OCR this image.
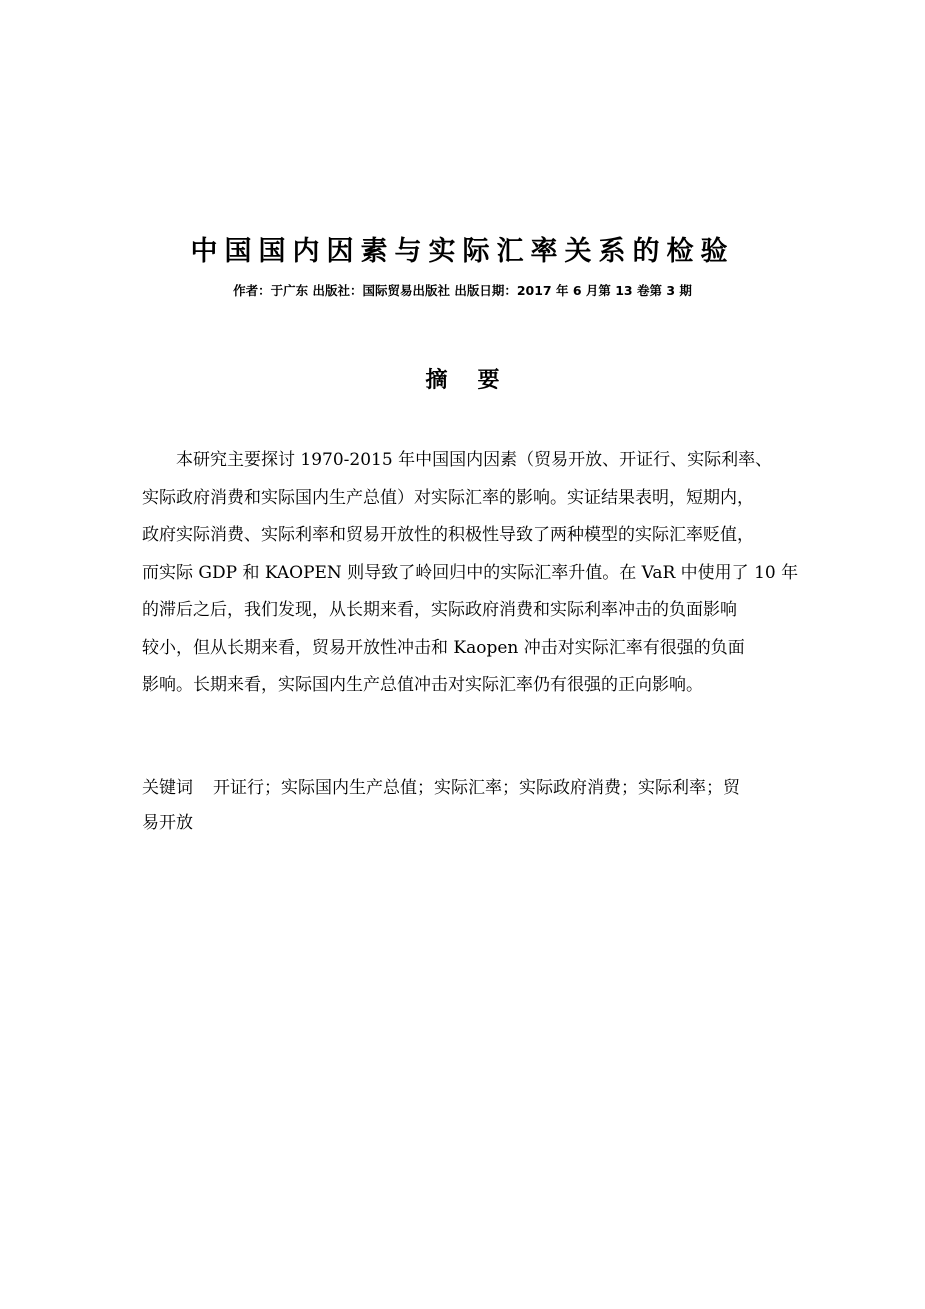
中国国内因素与实际汇率关系的检验
作者：于广东 出版社：国际贸易出版社 出版日期：2017 年 6 月第 13 卷第 3 期
摘 要
本研究主要探讨 1970-2015 年中国国内因素（贸易开放、开证行、实际利率、
实际政府消费和实际国内生产总值）对实际汇率的影响。实证结果表明，短期内，
政府实际消费、实际利率和贸易开放性的积极性导致了两种模型的实际汇率贬值，
而实际 GDP 和 KAOPEN 则导致了岭回归中的实际汇率升值。在 VaR 中使用了 10 年
的滞后之后，我们发现，从长期来看，实际政府消费和实际利率冲击的负面影响
较小，但从长期来看，贸易开放性冲击和 Kaopen 冲击对实际汇率有很强的负面
影响。长期来看，实际国内生产总值冲击对实际汇率仍有很强的正向影响。
关键词 开证行；实际国内生产总值；实际汇率；实际政府消费；实际利率；贸
易开放
